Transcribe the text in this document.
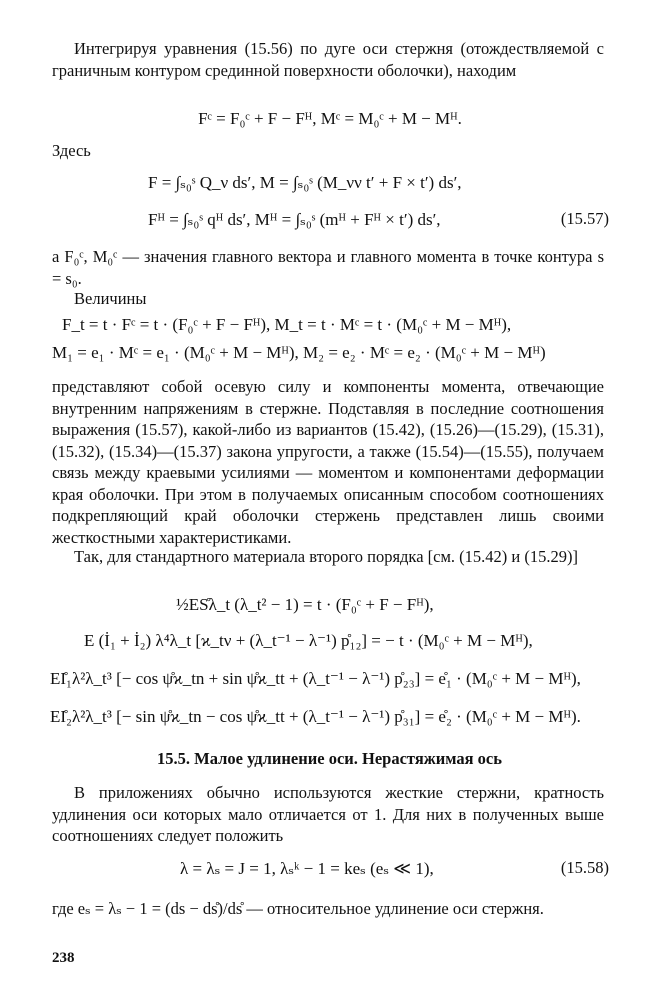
Интегрируя уравнения (15.56) по дуге оси стержня (отождествляемой с граничным контуром срединной поверхности оболочки), находим

Fᶜ = F₀ᶜ + F − Fᴴ, Mᶜ = M₀ᶜ + M − Mᴴ.

Здесь

F = ∫ₛ₀ˢ Q_ν ds′, M = ∫ₛ₀ˢ (M_νν t′ + F × t′) ds′,
Fᴴ = ∫ₛ₀ˢ qᴴ ds′, Mᴴ = ∫ₛ₀ˢ (mᴴ + Fᴴ × t′) ds′,	(15.57)

а F₀ᶜ, M₀ᶜ — значения главного вектора и главного момента в точке контура s = s₀.

Величины

F_t = t · Fᶜ = t · (F₀ᶜ + F − Fᴴ), M_t = t · Mᶜ = t · (M₀ᶜ + M − Mᴴ),
M₁ = e₁ · Mᶜ = e₁ · (M₀ᶜ + M − Mᴴ), M₂ = e₂ · Mᶜ = e₂ · (M₀ᶜ + M − Mᴴ)

представляют собой осевую силу и компоненты момента, отвечающие внутренним напряжениям в стержне. Подставляя в последние соотношения выражения (15.57), какой-либо из вариантов (15.42), (15.26)—(15.29), (15.31), (15.32), (15.34)—(15.37) закона упругости, а также (15.54)—(15.55), получаем связь между краевыми усилиями — моментом и компонентами деформации края оболочки. При этом в получаемых описанным способом соотношениях подкрепляющий край оболочки стержень представлен лишь своими жесткостными характеристиками.

Так, для стандартного материала второго порядка [см. (15.42) и (15.29)]

½ES̊λ_t (λ_t² − 1) = t · (F₀ᶜ + F − Fᴴ),
E (İ₁ + İ₂) λ⁴λ_t [ϰ_tν + (λ_t⁻¹ − λ⁻¹) p̊₁₂] = − t · (M₀ᶜ + M − Mᴴ),
EI̊₁λ²λ_t³ [− cos ψ̊ϰ_tn + sin ψ̊ϰ_tt + (λ_t⁻¹ − λ⁻¹) p̊₂₃] = e̊₁ · (M₀ᶜ + M − Mᴴ),
EI̊₂λ²λ_t³ [− sin ψ̊ϰ_tn − cos ψ̊ϰ_tt + (λ_t⁻¹ − λ⁻¹) p̊₃₁] = e̊₂ · (M₀ᶜ + M − Mᴴ).
15.5. Малое удлинение оси. Нерастяжимая ось

В приложениях обычно используются жесткие стержни, кратность удлинения оси которых мало отличается от 1. Для них в полученных выше соотношениях следует положить

λ = λₛ = J = 1, λₛᵏ − 1 = keₛ (eₛ ≪ 1),	(15.58)

где eₛ = λₛ − 1 = (ds − ds̊)/ds̊ — относительное удлинение оси стержня.

238
